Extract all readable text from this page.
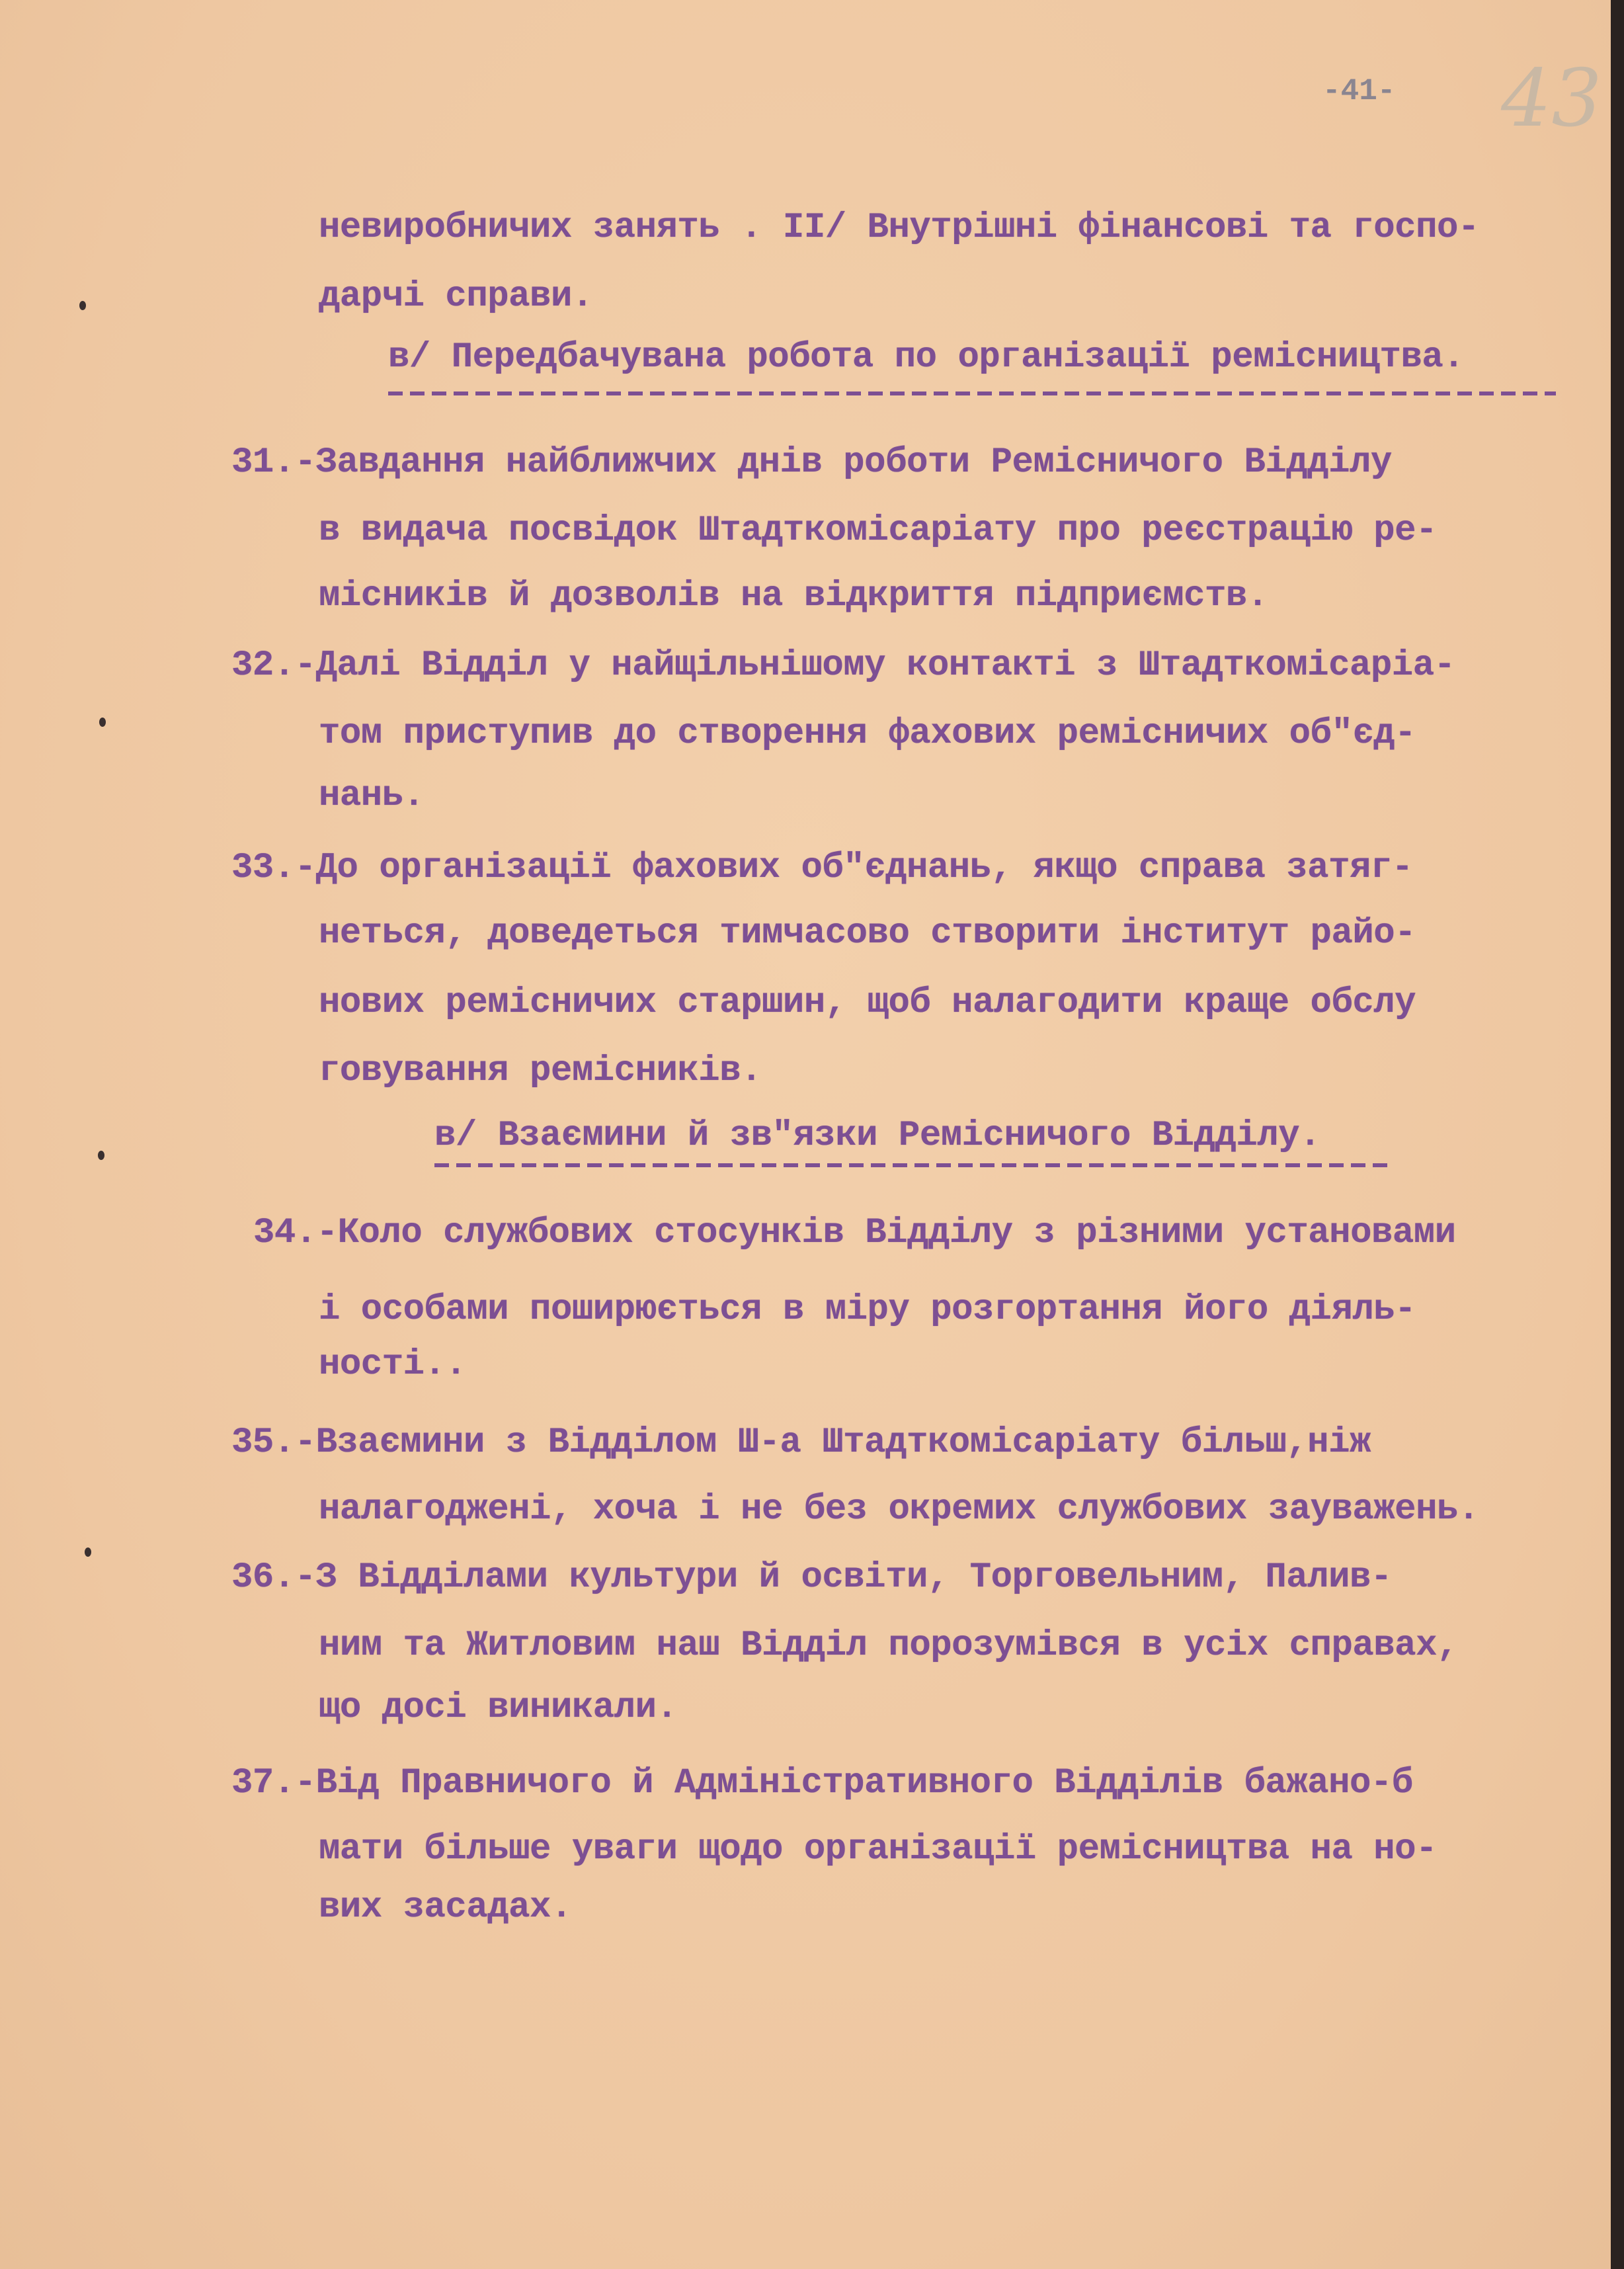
-41- 43
невиробничих занять . II/ Внутрішні фінансові та госпо-
дарчі справи.
в/ Передбачувана робота по організації ремісництва.
31.-Завдання найближчих днів роботи Ремісничого Відділу
в видача посвідок Штадткомісаріату про реєстрацію ре-
місників й дозволів на відкриття підприємств.
32.-Далі Відділ у найщільнішому контакті з Штадткомісаріа-
том приступив до створення фахових ремісничих об"єд-
нань.
33.-До організації фахових об"єднань, якщо справа затяг-
неться, доведеться тимчасово створити інститут райо-
нових ремісничих старшин, щоб налагодити краще обслу
говування ремісників.
в/ Взаємини й зв"язки Ремісничого Відділу.
34.-Коло службових стосунків Відділу з різними установами
і особами поширюється в міру розгортання його діяль-
ності..
35.-Взаємини з Відділом Ш-а Штадткомісаріату більш,ніж
налагоджені, хоча і не без окремих службових зауважень.
36.-З Відділами культури й освіти, Торговельним, Палив-
ним та Житловим наш Відділ порозумівся в усіх справах,
що досі виникали.
37.-Від Правничого й Адміністративного Відділів бажано-б
мати більше уваги щодо організації ремісництва на но-
вих засадах.
